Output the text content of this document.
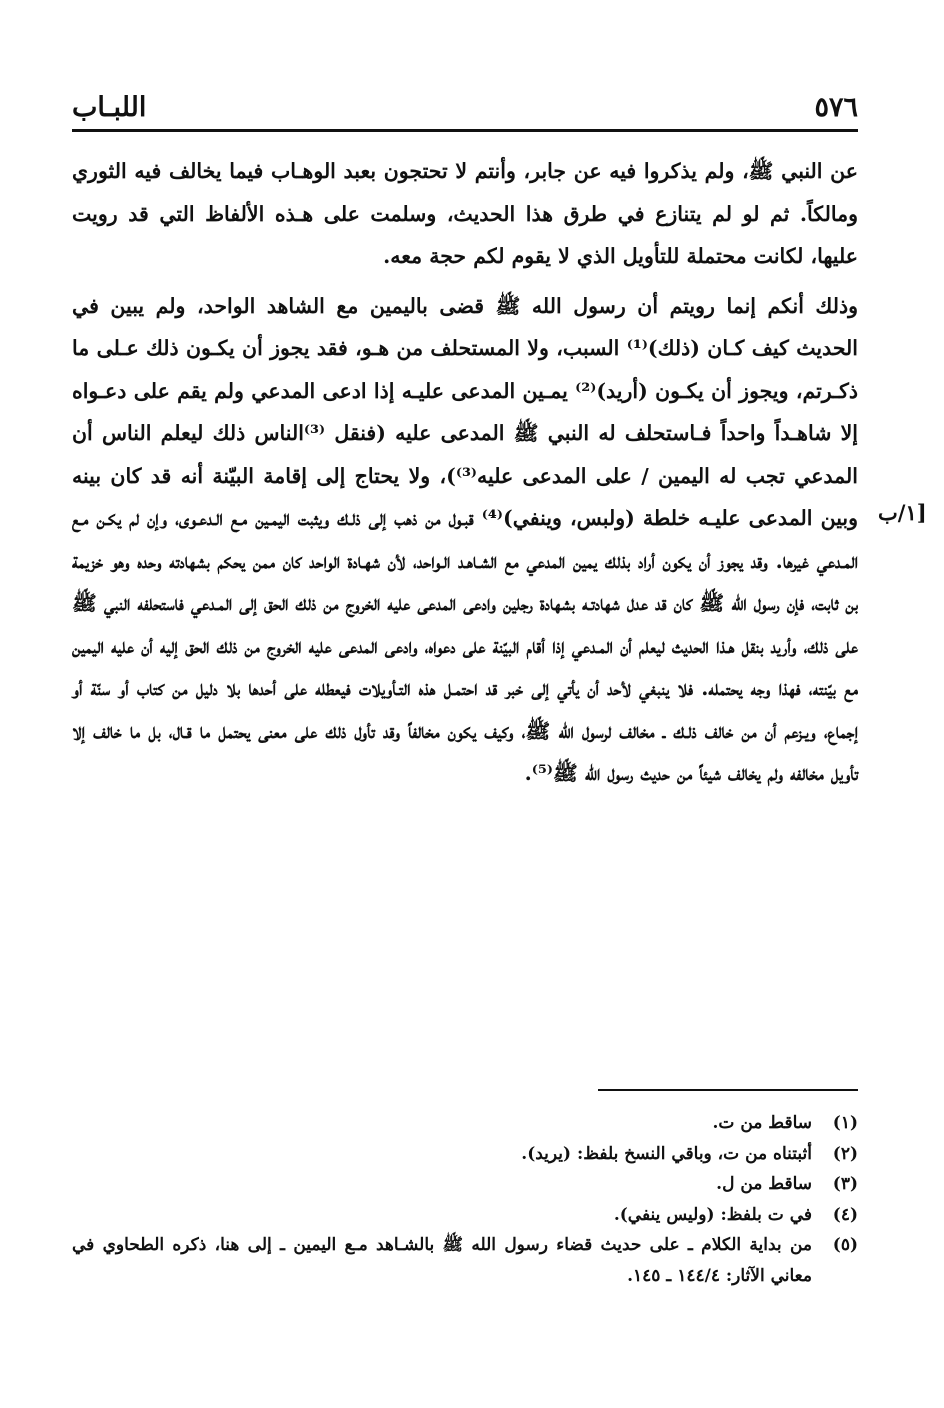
٥٧٦
اللبـاب
١/ب]

عن النبي ﷺ، ولم يذكروا فيه عن جابر، وأنتم لا تحتجون بعبد الوهـاب فيما يخالف فيه الثوري ومالكاً. ثم لو لم يتنازع في طرق هذا الحديث، وسلمت على هـذه الألفاظ التي قد رويت عليها، لكانت محتملة للتأويل الذي لا يقوم لكم حجة معه.

وذلك أنكم إنما رويتم أن رسول الله ﷺ قضى باليمين مع الشاهد الواحد، ولم يبين في الحديث كيف كـان (ذلك)⁽¹⁾ السبب، ولا المستحلف من هـو، فقد يجوز أن يكـون ذلك عـلى ما ذكـرتم، ويجوز أن يكـون (أريد)⁽²⁾ يمـين المدعى عليـه إذا ادعى المدعي ولم يقم على دعـواه إلا شاهـداً واحداً فـاستحلف له النبي ﷺ المدعى عليه (فنقل ⁽³⁾الناس ذلك ليعلم الناس أن المدعي تجب له اليمين / على المدعى عليه⁽³⁾)، ولا يحتاج إلى إقامة البيّنة أنه قد كان بينه وبين المدعى عليـه خلطة (ولبس، وينفي)⁽⁴⁾ قبـول من ذهب إلى ذلـك ويثبت اليمـين مـع الـدعـوى، وإن لم يكـن مـع المـدعي غيرها. وقد يجوز أن يكون أراد بذلك يمين المدعي مع الشـاهـد الـواحد، لأن شهـادة الواحد كان ممن يحكم بشهادته وحده وهو خزيمة بن ثابت، فإن رسول الله ﷺ كان قد عدل شهادتـه بشهادة رجلين وادعى المدعى عليه الخروج من ذلك الحق إلى المـدعي فاستحلفه النبي ﷺ على ذلك، وأريد بنقل هـذا الحديث ليعلم أن المـدعي إذا أقام البيّنة على دعواه، وادعى المدعى عليه الخروج من ذلك الحق إليه أن عليه اليمين مع بيّنته، فهذا وجه يحتمله. فلا ينبغي لأحد أن يأتي إلى خبر قد احتمـل هذه التـأويلات فيعطله على أحدها بلا دليل من كتاب أو سنّة أو إجماع، ويـزعم أن من خالف ذلـك ـ مخالف لرسول الله ﷺ، وكيف يكون مخالفاً وقد تأول ذلك على معنى يحتمل ما قـال، بل ما خالف إلا تأويل مخالفه ولم يخالف شيئاً من حديث رسول الله ﷺ⁽⁵⁾.

(١)
ساقط من ت.
(٢)
أثبتناه من ت، وباقي النسخ بلفظ: (يريد).
(٣)
ساقط من ل.
(٤)
في ت بلفظ: (وليس ينفي).
(٥)
من بداية الكلام ـ على حديث قضاء رسول الله ﷺ بالشـاهد مـع اليمين ـ إلى هنا، ذكره الطحاوي في معاني الآثار: ١٤٤/٤ ـ ١٤٥.
